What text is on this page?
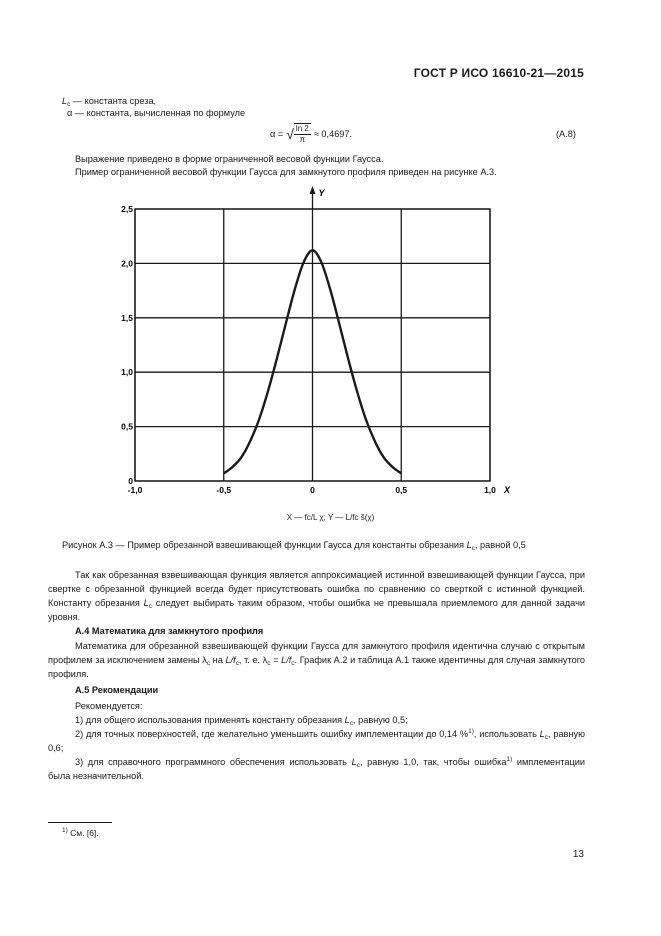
ГОСТ Р ИСО 16610-21—2015
$L_c$ — константа среза,
α — константа, вычисленная по формуле
α = √ $\frac{\ln 2}{\pi} \approx 0,4697$.	(A.8)
Выражение приведено в форме ограниченной весовой функции Гаусса.
Пример ограниченной весовой функции Гаусса для замкнутого профиля приведен на рисунке А.3.
0
0,5
1,0
1,5
2,0
2,5
-1,0	-0,5	0	0,5	1,0
Y
X
X — fc/L χ; Y — L/fc s̃(χ)
Рисунок А.3 — Пример обрезанной взвешивающей функции Гаусса для константы обрезания $L_c$, равной 0,5
Так как обрезанная взвешивающая функция является аппроксимацией истинной взвешивающей функции Гаусса, при свертке с обрезанной функцией всегда будет присутствовать ошибка по сравнению со сверткой с истинной функцией. Константу обрезания $L_c$ следует выбирать таким образом, чтобы ошибка не превышала приемлемого для данной задачи уровня.
А.4 Математика для замкнутого профиля
Математика для обрезанной взвешивающей функции Гаусса для замкнутого профиля идентична случаю с открытым профилем за исключением замены $\lambda_c$ на $L/f_c$, т. е. $\lambda_c = L/f_c$. График А.2 и таблица А.1 также идентичны для случая замкнутого профиля.
А.5 Рекомендации
Рекомендуется:
1) для общего использования применять константу обрезания $L_c$, равную 0,5;
2) для точных поверхностей, где желательно уменьшить ошибку имплементации до 0,14 %$^{1)}$, использовать $L_c$, равную 0,6;
3) для справочного программного обеспечения использовать $L_c$, равную 1,0, так, чтобы ошибка$^{1)}$ имплементации была незначительной.
$^{1)}$ См. [6].
13
